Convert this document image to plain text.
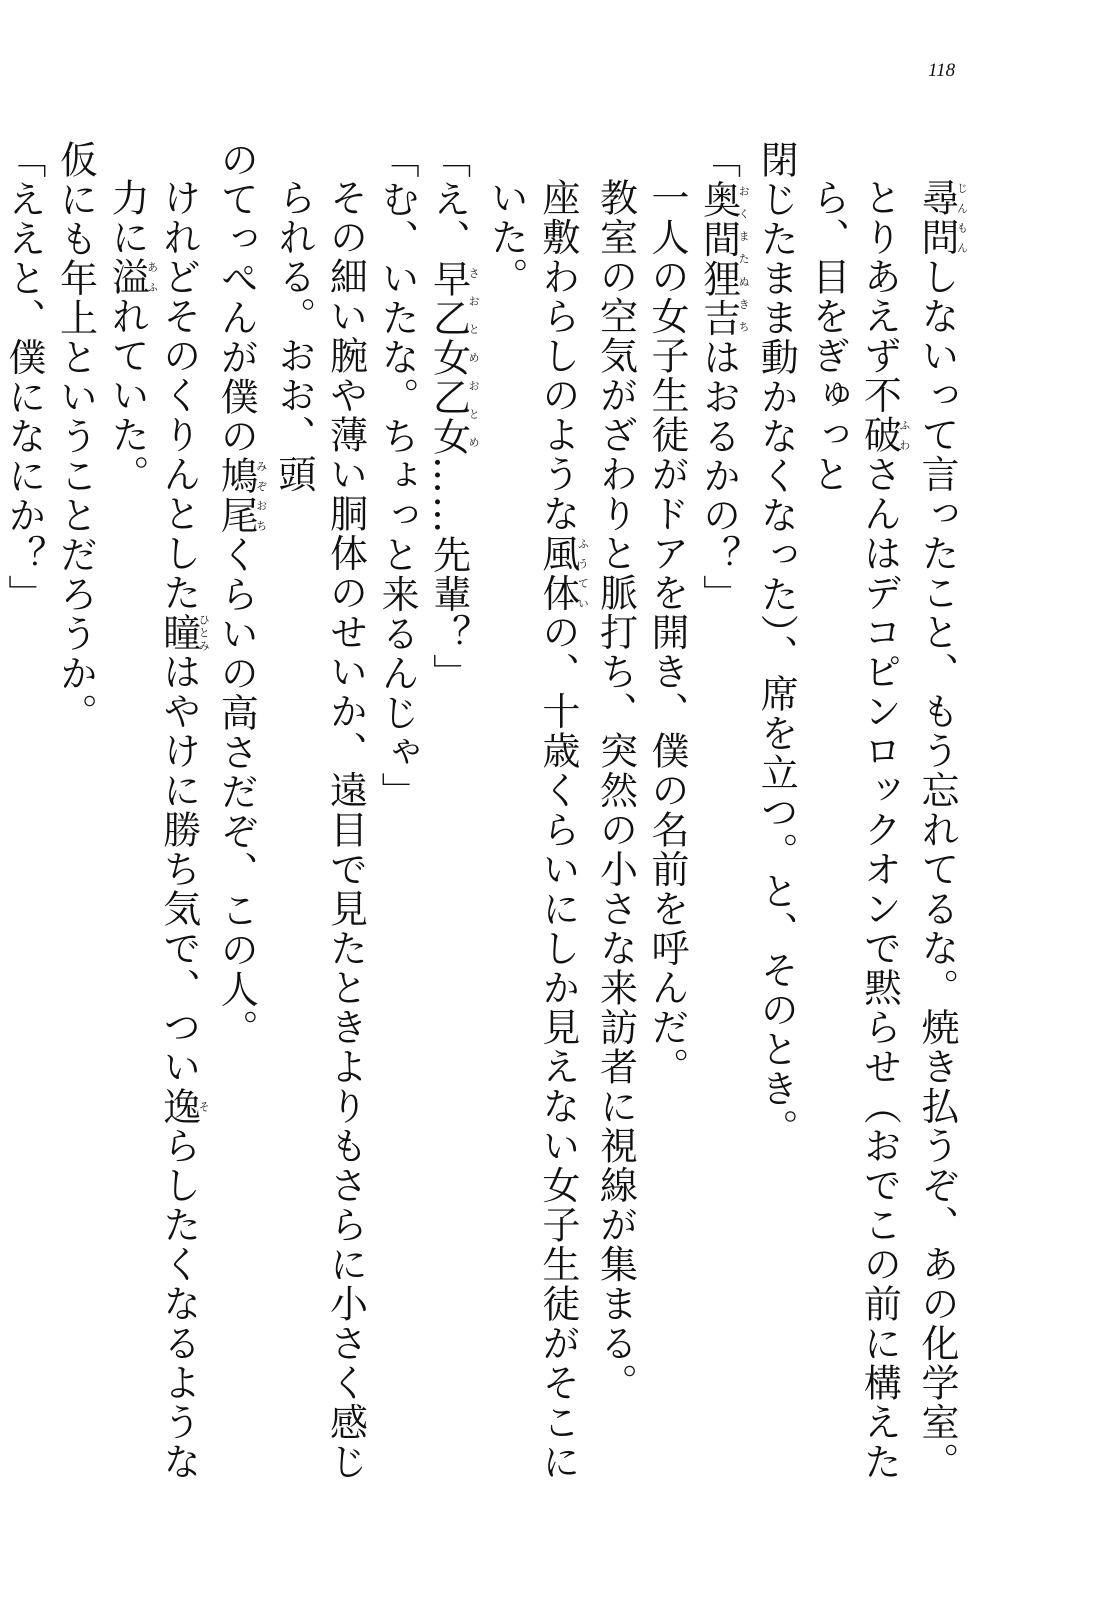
118
尋問じんもんしないって言ったこと、もう忘れてるな。焼き払うぞ、あの化学室。
とりあえず不破ふわさんはデコピンロックオンで黙らせ（おでこの前に構えたら、目をぎゅっと
閉じたまま動かなくなった）、席を立つ。と、そのとき。
「奥間狸吉おくまたぬきちはおるかの？」
一人の女子生徒がドアを開き、僕の名前を呼んだ。
教室の空気がざわりと脈打ち、突然の小さな来訪者に視線が集まる。
座敷わらしのような風体ふうていの、十歳くらいにしか見えない女子生徒がそこにいた。
「え、早乙女乙女さおとめおとめ……先輩？」
「む、いたな。ちょっと来るんじゃ」
その細い腕や薄い胴体のせいか、遠目で見たときよりもさらに小さく感じられる。おお、頭
のてっぺんが僕の鳩尾みぞおちくらいの高さだぞ、この人。
けれどそのくりんとした瞳ひとみはやけに勝ち気で、つい逸そらしたくなるような力に溢あふれていた。
仮にも年上ということだろうか。
「ええと、僕になにか？」
